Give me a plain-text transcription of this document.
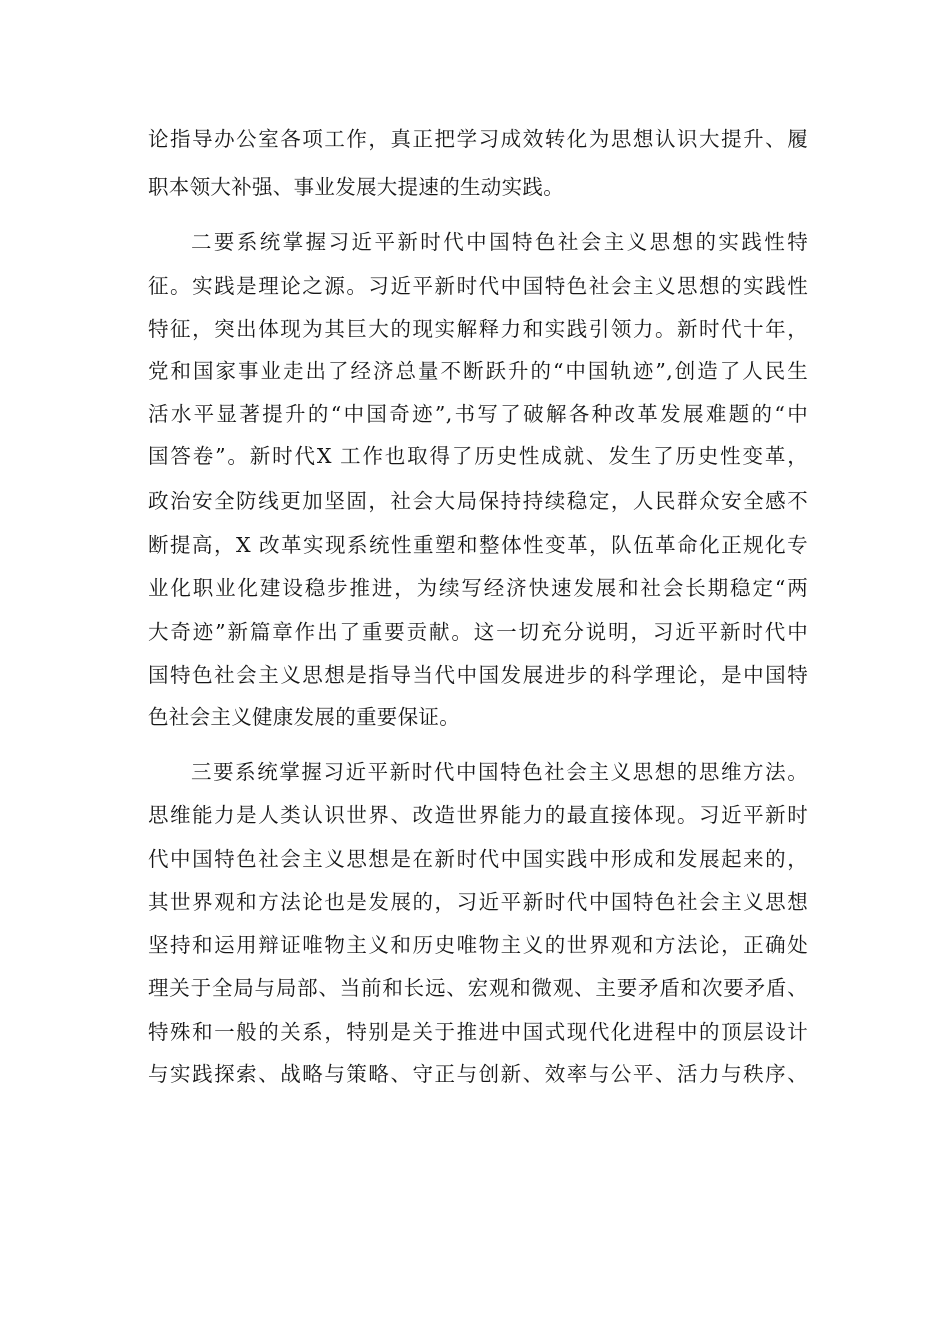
论指导办公室各项工作，真正把学习成效转化为思想认识大提升、履

职本领大补强、事业发展大提速的生动实践。

二要系统掌握习近平新时代中国特色社会主义思想的实践性特

征。实践是理论之源。习近平新时代中国特色社会主义思想的实践性

特征，突出体现为其巨大的现实解释力和实践引领力。新时代十年，

党和国家事业走出了经济总量不断跃升的“中国轨迹”,创造了人民生

活水平显著提升的“中国奇迹”,书写了破解各种改革发展难题的“中

国答卷”。新时代X 工作也取得了历史性成就、发生了历史性变革，

政治安全防线更加坚固，社会大局保持持续稳定，人民群众安全感不

断提高，X 改革实现系统性重塑和整体性变革，队伍革命化正规化专

业化职业化建设稳步推进，为续写经济快速发展和社会长期稳定“两

大奇迹”新篇章作出了重要贡献。这一切充分说明，习近平新时代中

国特色社会主义思想是指导当代中国发展进步的科学理论，是中国特

色社会主义健康发展的重要保证。

三要系统掌握习近平新时代中国特色社会主义思想的思维方法。

思维能力是人类认识世界、改造世界能力的最直接体现。习近平新时

代中国特色社会主义思想是在新时代中国实践中形成和发展起来的，

其世界观和方法论也是发展的，习近平新时代中国特色社会主义思想

坚持和运用辩证唯物主义和历史唯物主义的世界观和方法论，正确处

理关于全局与局部、当前和长远、宏观和微观、主要矛盾和次要矛盾、

特殊和一般的关系，特别是关于推进中国式现代化进程中的顶层设计

与实践探索、战略与策略、守正与创新、效率与公平、活力与秩序、
